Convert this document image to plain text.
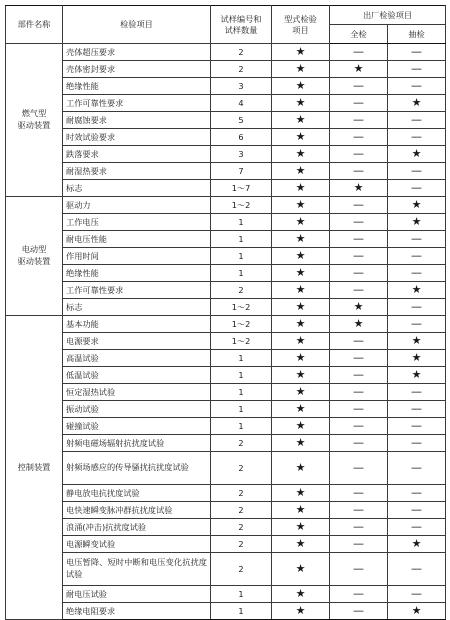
部件名称	检验项目	试样编号和
试样数量	型式检验
项目	出厂检验项目	
				全检	抽检
燃气型
驱动装置	壳体超压要求	2	★	—	—
	壳体密封要求	2	★	★	—
	绝缘性能	3	★	—	—
	工作可靠性要求	4	★	—	★
	耐腐蚀要求	5	★	—	—
	时效试验要求	6	★	—	—
	跌落要求	3	★	—	★
	耐湿热要求	7	★	—	—
	标志	1～7	★	★	—
电动型
驱动装置	驱动力	1～2	★	—	★
	工作电压	1	★	—	★
	耐电压性能	1	★	—	—
	作用时间	1	★	—	—
	绝缘性能	1	★	—	—
	工作可靠性要求	2	★	—	★
	标志	1～2	★	★	—
控制装置	基本功能	1～2	★	★	—
	电源要求	1～2	★	—	★
	高温试验	1	★	—	★
	低温试验	1	★	—	★
	恒定湿热试验	1	★	—	—
	振动试验	1	★	—	—
	碰撞试验	1	★	—	—
	射频电磁场辐射抗扰度试验	2	★	—	—
	射频场感应的传导骚扰抗扰度试验	2	★	—	—
	静电放电抗扰度试验	2	★	—	—
	电快速瞬变脉冲群抗扰度试验	2	★	—	—
	浪涌(冲击)抗扰度试验	2	★	—	—
	电源瞬变试验	2	★	—	★
	电压暂降、短时中断和电压变化抗扰度试验	2	★	—	—
	耐电压试验	1	★	—	—
	绝缘电阻要求	1	★	—	★
